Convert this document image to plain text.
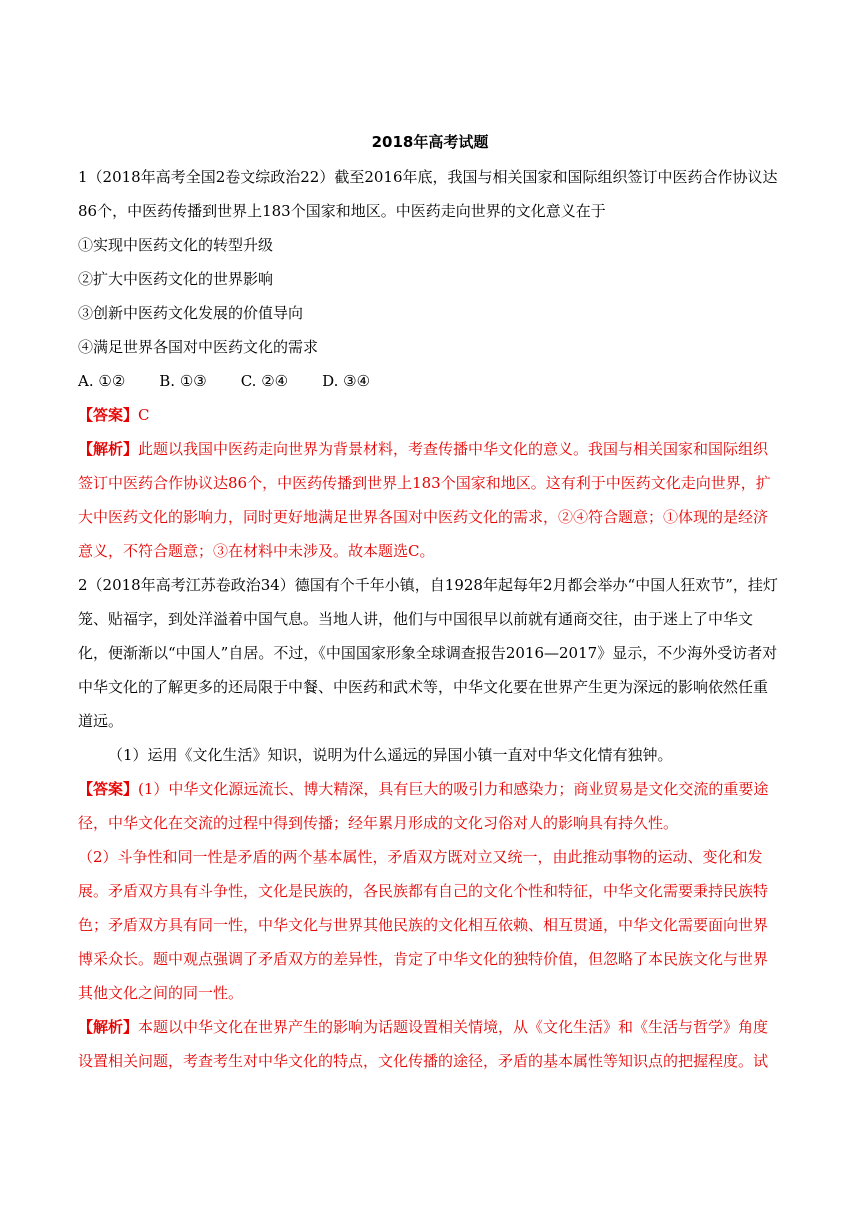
2018年高考试题

1（2018年高考全国2卷文综政治22）截至2016年底，我国与相关国家和国际组织签订中医药合作协议达86个，中医药传播到世界上183个国家和地区。中医药走向世界的文化意义在于

①实现中医药文化的转型升级

②扩大中医药文化的世界影响

③创新中医药文化发展的价值导向

④满足世界各国对中医药文化的需求

A. ①② B. ①③ C. ②④ D. ③④

【答案】C

【解析】此题以我国中医药走向世界为背景材料，考查传播中华文化的意义。我国与相关国家和国际组织签订中医药合作协议达86个，中医药传播到世界上183个国家和地区。这有利于中医药文化走向世界，扩大中医药文化的影响力，同时更好地满足世界各国对中医药文化的需求，②④符合题意；①体现的是经济意义，不符合题意；③在材料中未涉及。故本题选C。

2（2018年高考江苏卷政治34）德国有个千年小镇，自1928年起每年2月都会举办“中国人狂欢节”，挂灯笼、贴福字，到处洋溢着中国气息。当地人讲，他们与中国很早以前就有通商交往，由于迷上了中华文化，便渐渐以“中国人”自居。不过，《中国国家形象全球调查报告2016—2017》显示，不少海外受访者对中华文化的了解更多的还局限于中餐、中医药和武术等，中华文化要在世界产生更为深远的影响依然任重道远。

（1）运用《文化生活》知识，说明为什么遥远的异国小镇一直对中华文化情有独钟。

【答案】(1）中华文化源远流长、博大精深，具有巨大的吸引力和感染力；商业贸易是文化交流的重要途径，中华文化在交流的过程中得到传播；经年累月形成的文化习俗对人的影响具有持久性。

（2）斗争性和同一性是矛盾的两个基本属性，矛盾双方既对立又统一，由此推动事物的运动、变化和发展。矛盾双方具有斗争性，文化是民族的，各民族都有自己的文化个性和特征，中华文化需要秉持民族特色；矛盾双方具有同一性，中华文化与世界其他民族的文化相互依赖、相互贯通，中华文化需要面向世界博采众长。题中观点强调了矛盾双方的差异性，肯定了中华文化的独特价值，但忽略了本民族文化与世界其他文化之间的同一性。

【解析】本题以中华文化在世界产生的影响为话题设置相关情境，从《文化生活》和《生活与哲学》角度设置相关问题，考查考生对中华文化的特点，文化传播的途径，矛盾的基本属性等知识点的把握程度。试
